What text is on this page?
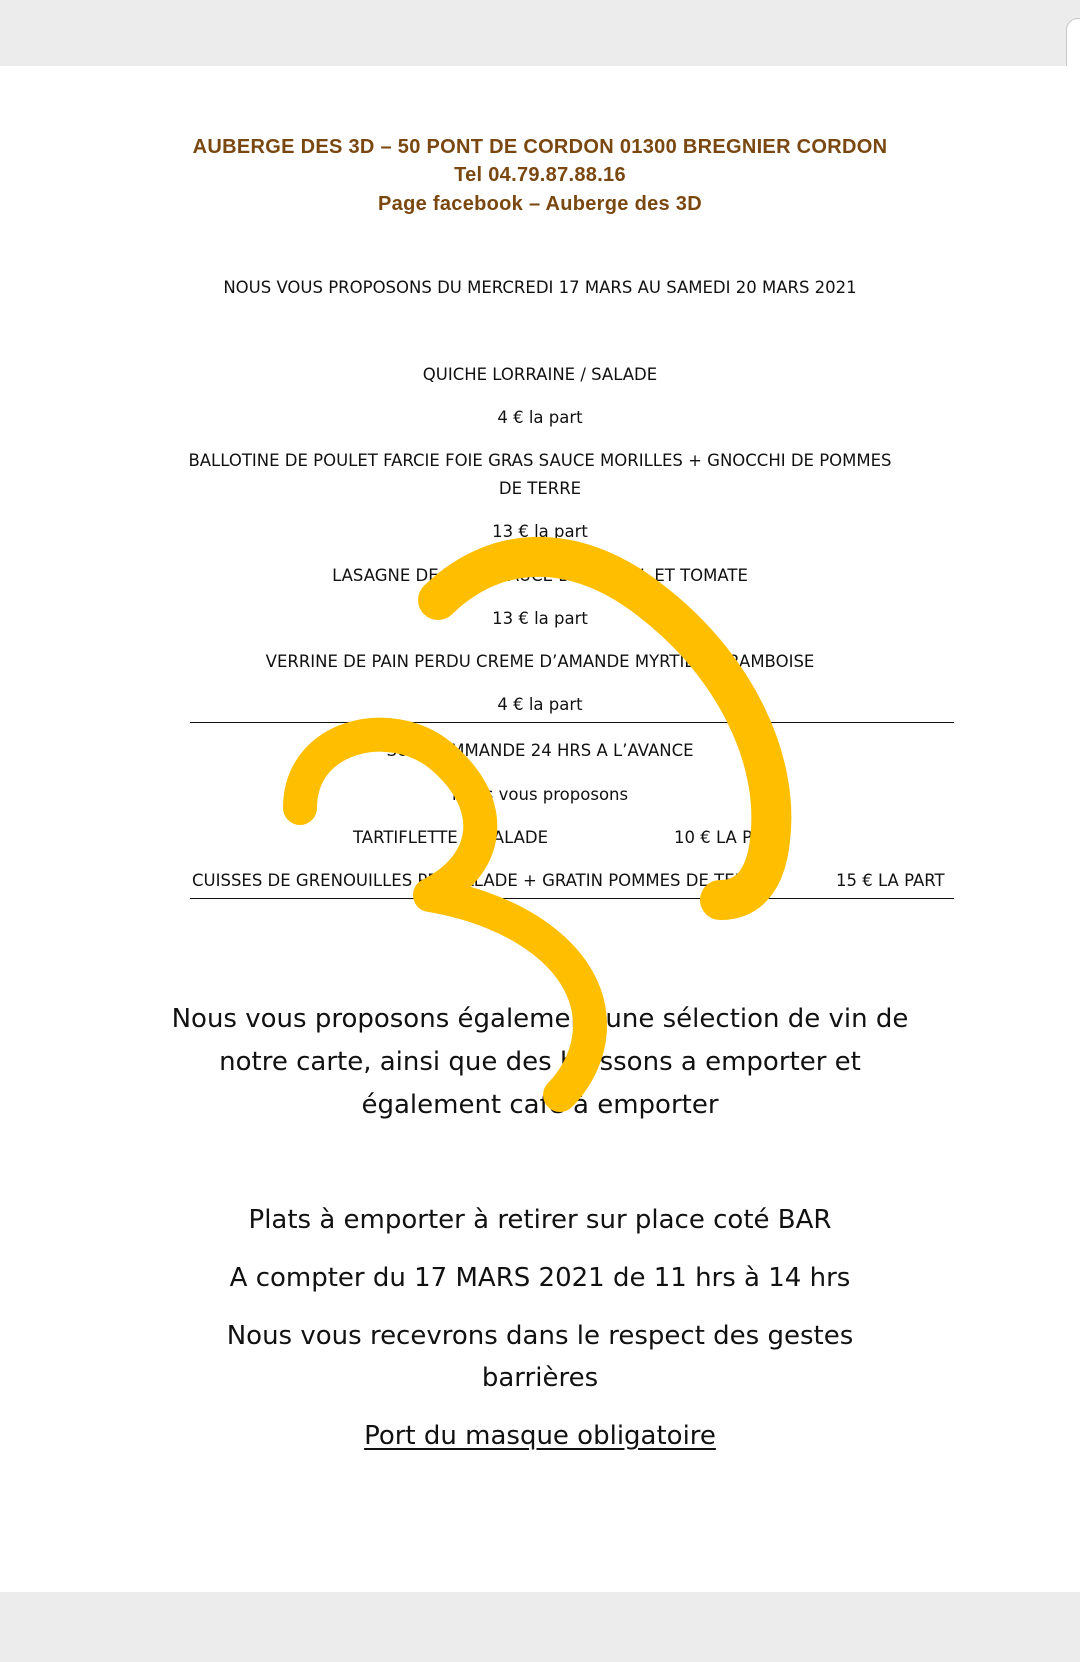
AUBERGE DES 3D – 50 PONT DE CORDON 01300 BREGNIER CORDON
Tel 04.79.87.88.16
Page facebook – Auberge des 3D
NOUS VOUS PROPOSONS DU MERCREDI 17 MARS AU SAMEDI 20 MARS 2021
QUICHE LORRAINE / SALADE
4 € la part
BALLOTINE DE POULET FARCIE FOIE GRAS SAUCE MORILLES + GNOCCHI DE POMMES
DE TERRE
13 € la part
LASAGNE DE THON SAUCE BECHAMEL ET TOMATE
13 € la part
VERRINE DE PAIN PERDU CREME D’AMANDE MYRTILLE/FRAMBOISE
4 € la part
SUR COMMANDE 24 HRS A L’AVANCE
Nous vous proposons
TARTIFLETTE + SALADE	10 € LA PART
CUISSES DE GRENOUILLES PERSILLADE + GRATIN POMMES DE TERRE	15 € LA PART
Nous vous proposons également une sélection de vin de
notre carte, ainsi que des boissons a emporter et
également café à emporter
Plats à emporter à retirer sur place coté BAR
A compter du 17 MARS 2021 de 11 hrs à 14 hrs
Nous vous recevrons dans le respect des gestes
barrières
Port du masque obligatoire
